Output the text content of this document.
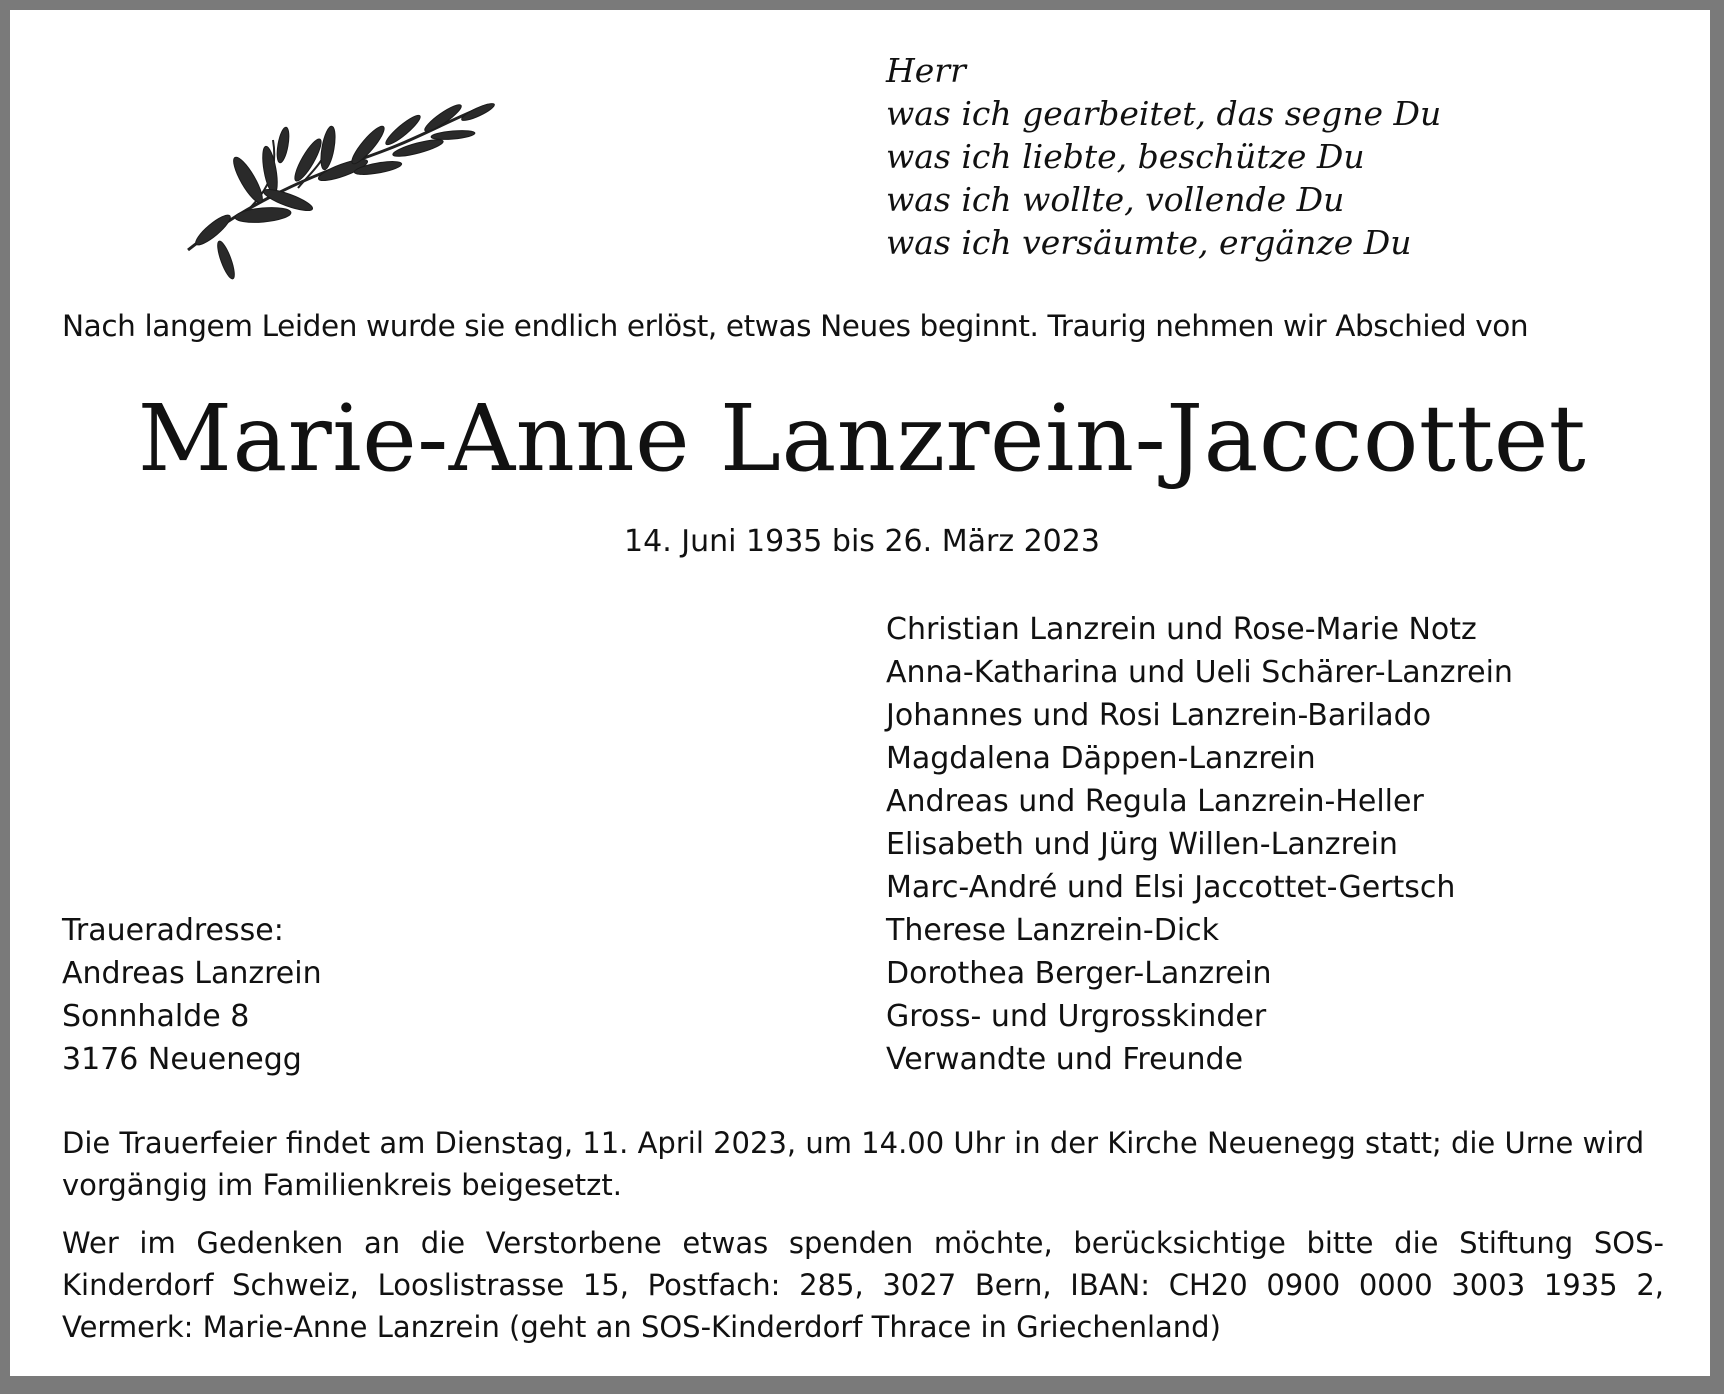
Herr
was ich gearbeitet, das segne Du
was ich liebte, beschütze Du
was ich wollte, vollende Du
was ich versäumte, ergänze Du
Nach langem Leiden wurde sie endlich erlöst, etwas Neues beginnt. Traurig nehmen wir Abschied von
Marie-Anne Lanzrein-Jaccottet
14. Juni 1935 bis 26. März 2023
Christian Lanzrein und Rose-Marie Notz
Anna-Katharina und Ueli Schärer-Lanzrein
Johannes und Rosi Lanzrein-Barilado
Magdalena Däppen-Lanzrein
Andreas und Regula Lanzrein-Heller
Elisabeth und Jürg Willen-Lanzrein
Marc-André und Elsi Jaccottet-Gertsch
Therese Lanzrein-Dick
Dorothea Berger-Lanzrein
Gross- und Urgrosskinder
Verwandte und Freunde
Traueradresse:
Andreas Lanzrein
Sonnhalde 8
3176 Neuenegg
Die Trauerfeier findet am Dienstag, 11. April 2023, um 14.00 Uhr in der Kirche Neuenegg statt; die Urne wird vorgängig im Familienkreis beigesetzt.
Wer im Gedenken an die Verstorbene etwas spenden möchte, berücksichtige bitte die Stiftung SOS-Kinderdorf Schweiz, Looslistrasse 15, Postfach: 285, 3027 Bern, IBAN: CH20 0900 0000 3003 1935 2, Vermerk: Marie-Anne Lanzrein (geht an SOS-Kinderdorf Thrace in Griechenland)
